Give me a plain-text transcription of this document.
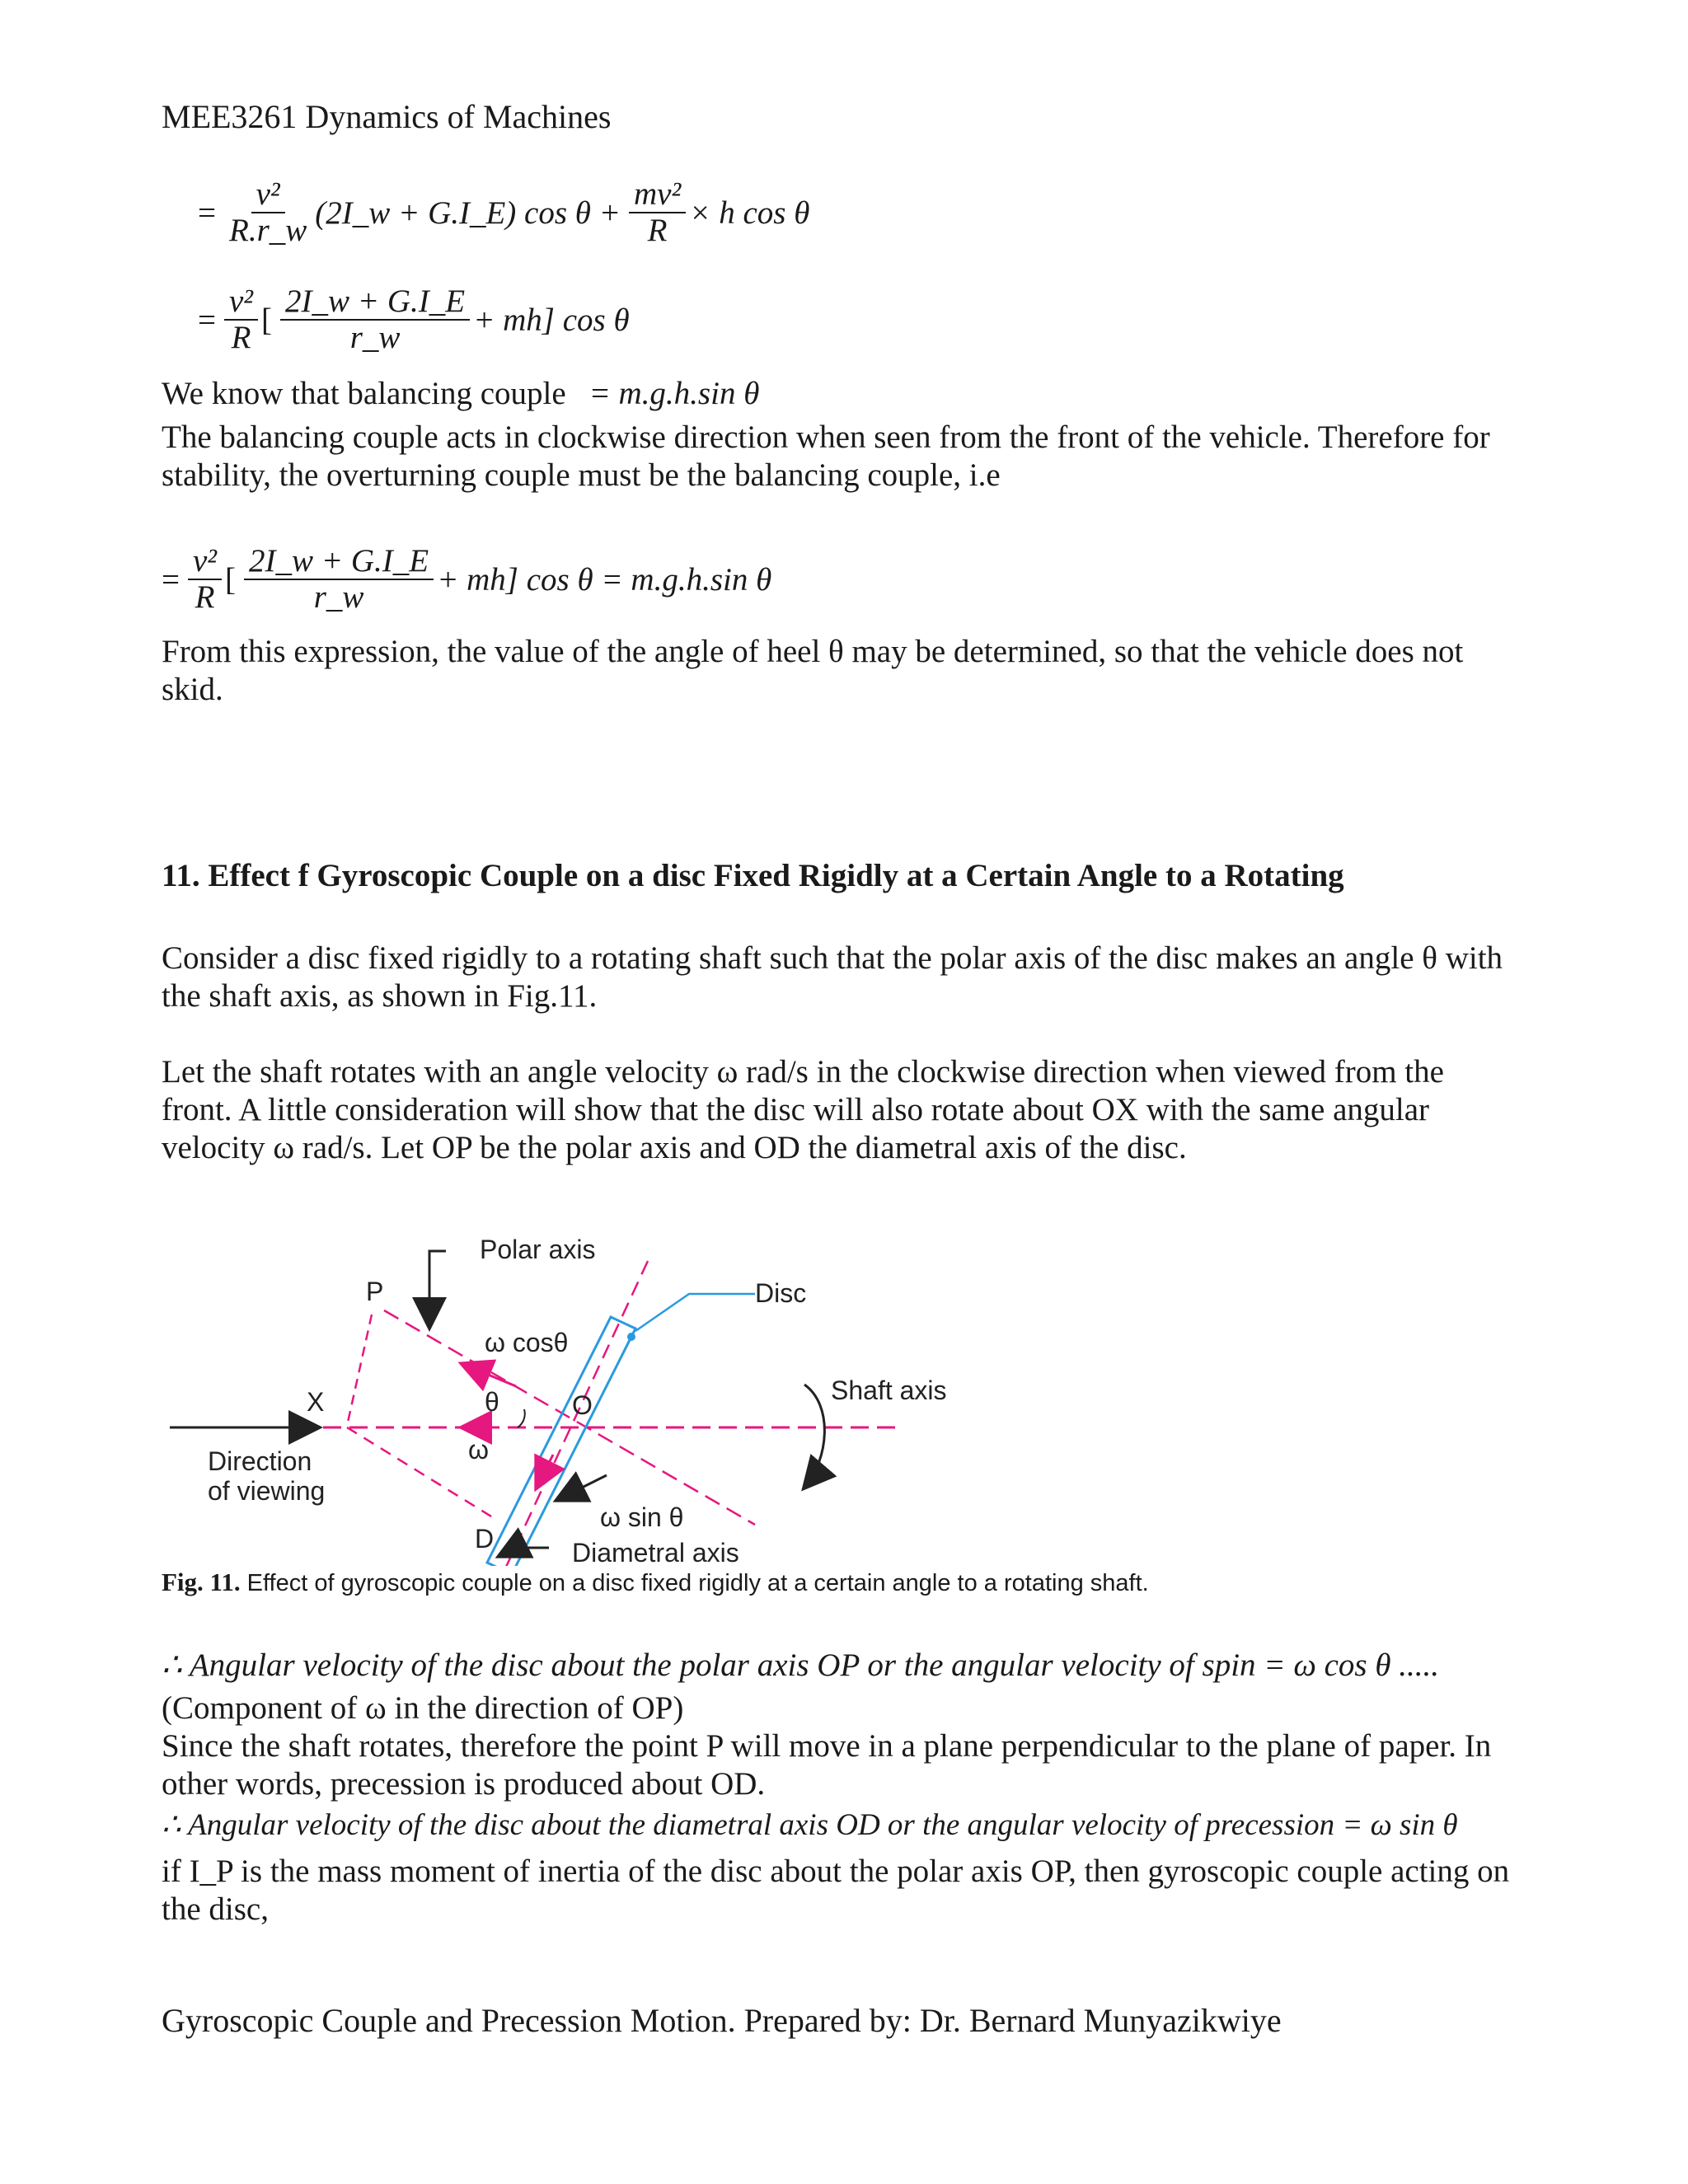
MEE3261 Dynamics of Machines
= $\frac{\text{v²}}{R.r\_w}$ (2I_w + G.I_E) $\cos \theta + \frac{\text{mv²}}{R} \times h$ cos θ
= $\frac{\text{v²}}{R}$ [ $\frac{2I\_w + G.I\_E}{r\_w} + mh$] cos θ
We know that balancing couple = m.g.h.sin θ
The balancing couple acts in clockwise direction when seen from the front of the vehicle. Therefore for stability, the overturning couple must be the balancing couple, i.e
= $\frac{\text{v²}}{R}$ [ $\frac{2I\_w + G.I\_E}{r\_w} + mh$] cos θ = m.g.h.sin θ
From this expression, the value of the angle of heel θ may be determined, so that the vehicle does not skid.
11. Effect f Gyroscopic Couple on a disc Fixed Rigidly at a Certain Angle to a Rotating
Consider a disc fixed rigidly to a rotating shaft such that the polar axis of the disc makes an angle θ with the shaft axis, as shown in Fig.11.
Let the shaft rotates with an angle velocity ω rad/s in the clockwise direction when viewed from the front. A little consideration will show that the disc will also rotate about OX with the same angular velocity ω rad/s. Let OP be the polar axis and OD the diametral axis of the disc.
Polar axis
Disc
Shaft axis
P
X	O
D
θ
ω
ω cosθ
ω sin θ
Direction
of viewing
Diametral axis
Fig. 11. Effect of gyroscopic couple on a disc fixed rigidly at a certain angle to a rotating shaft.
∴ Angular velocity of the disc about the polar axis OP or the angular velocity of spin = ω cos θ .....
(Component of ω in the direction of OP)
Since the shaft rotates, therefore the point P will move in a plane perpendicular to the plane of paper. In other words, precession is produced about OD.
∴ Angular velocity of the disc about the diametral axis OD or the angular velocity of precession = ω sin θ
if I_P is the mass moment of inertia of the disc about the polar axis OP, then gyroscopic couple acting on the disc,
Gyroscopic Couple and Precession Motion. Prepared by: Dr. Bernard Munyazikwiye
